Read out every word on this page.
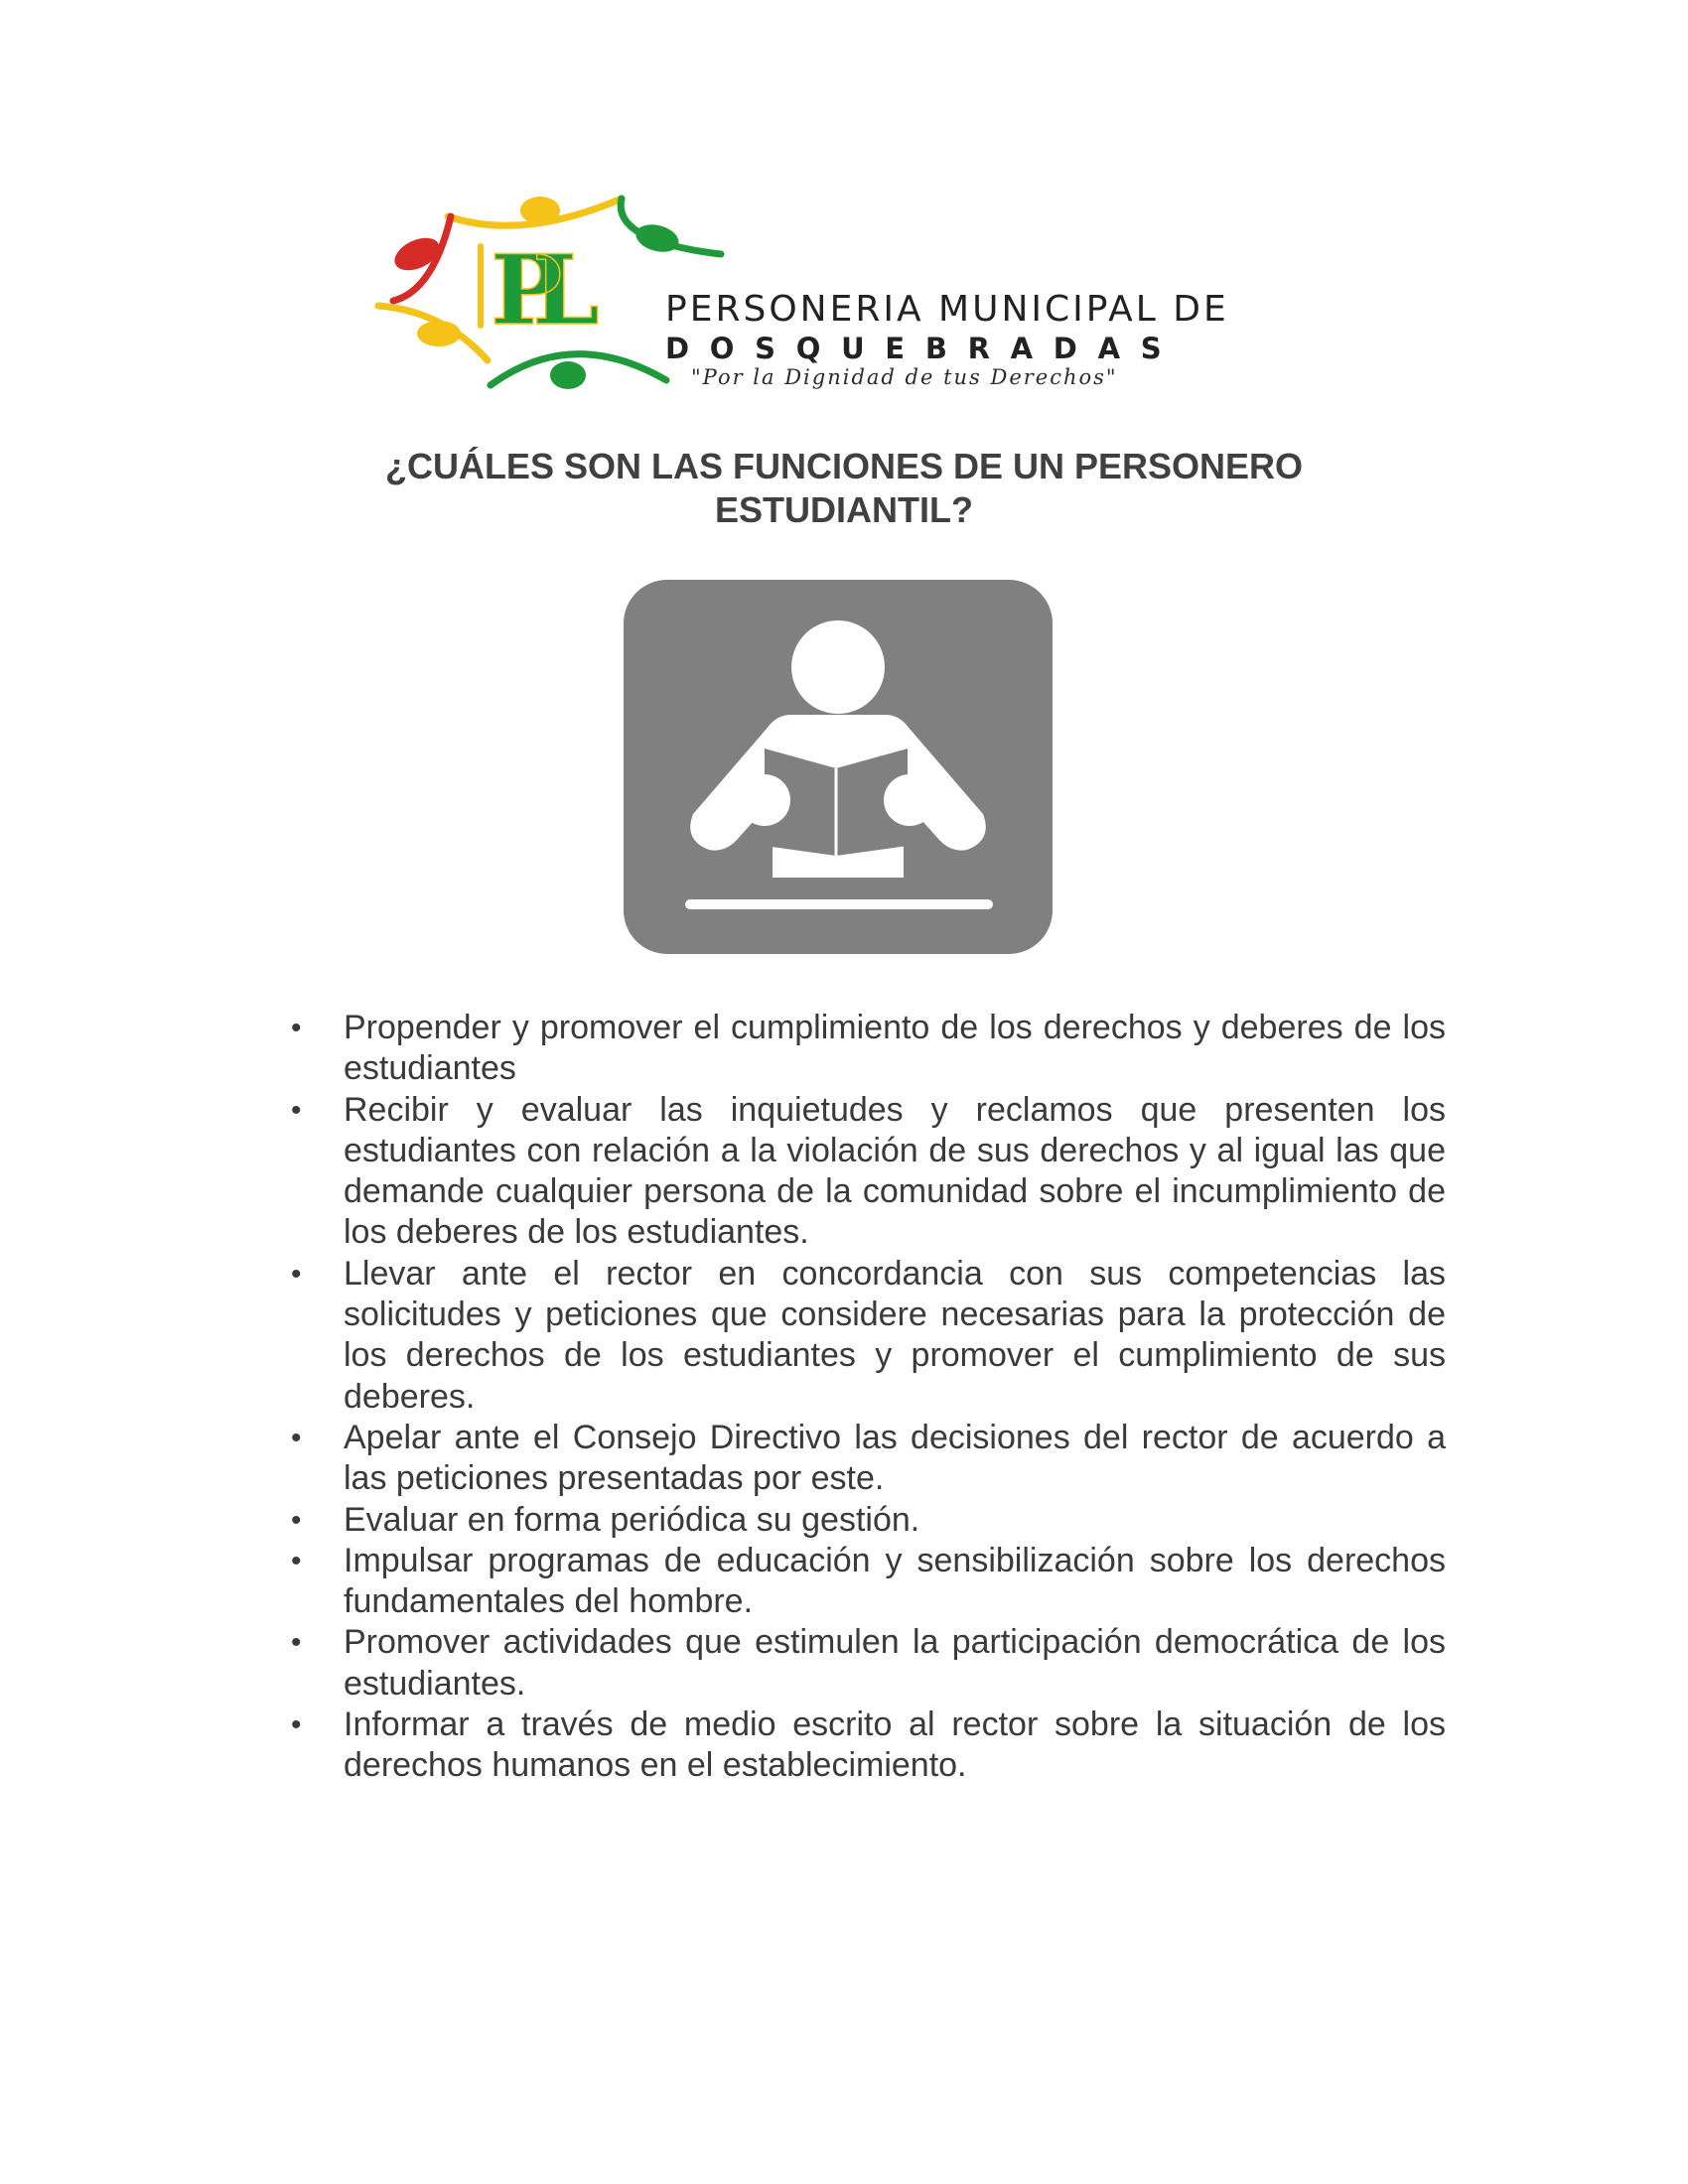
PL	PERSONERIA MUNICIPAL DE
DOSQUEBRADAS
"Por la Dignidad de tus Derechos"
¿CUÁLES SON LAS FUNCIONES DE UN PERSONERO ESTUDIANTIL?
• Propender y promover el cumplimiento de los derechos y deberes de los estudiantes
• Recibir y evaluar las inquietudes y reclamos que presenten los estudiantes con relación a la violación de sus derechos y al igual las que demande cualquier persona de la comunidad sobre el incumplimiento de los deberes de los estudiantes.
• Llevar ante el rector en concordancia con sus competencias las solicitudes y peticiones que considere necesarias para la protección de los derechos de los estudiantes y promover el cumplimiento de sus deberes.
• Apelar ante el Consejo Directivo las decisiones del rector de acuerdo a las peticiones presentadas por este.
• Evaluar en forma periódica su gestión.
• Impulsar programas de educación y sensibilización sobre los derechos fundamentales del hombre.
• Promover actividades que estimulen la participación democrática de los estudiantes.
• Informar a través de medio escrito al rector sobre la situación de los derechos humanos en el establecimiento.
